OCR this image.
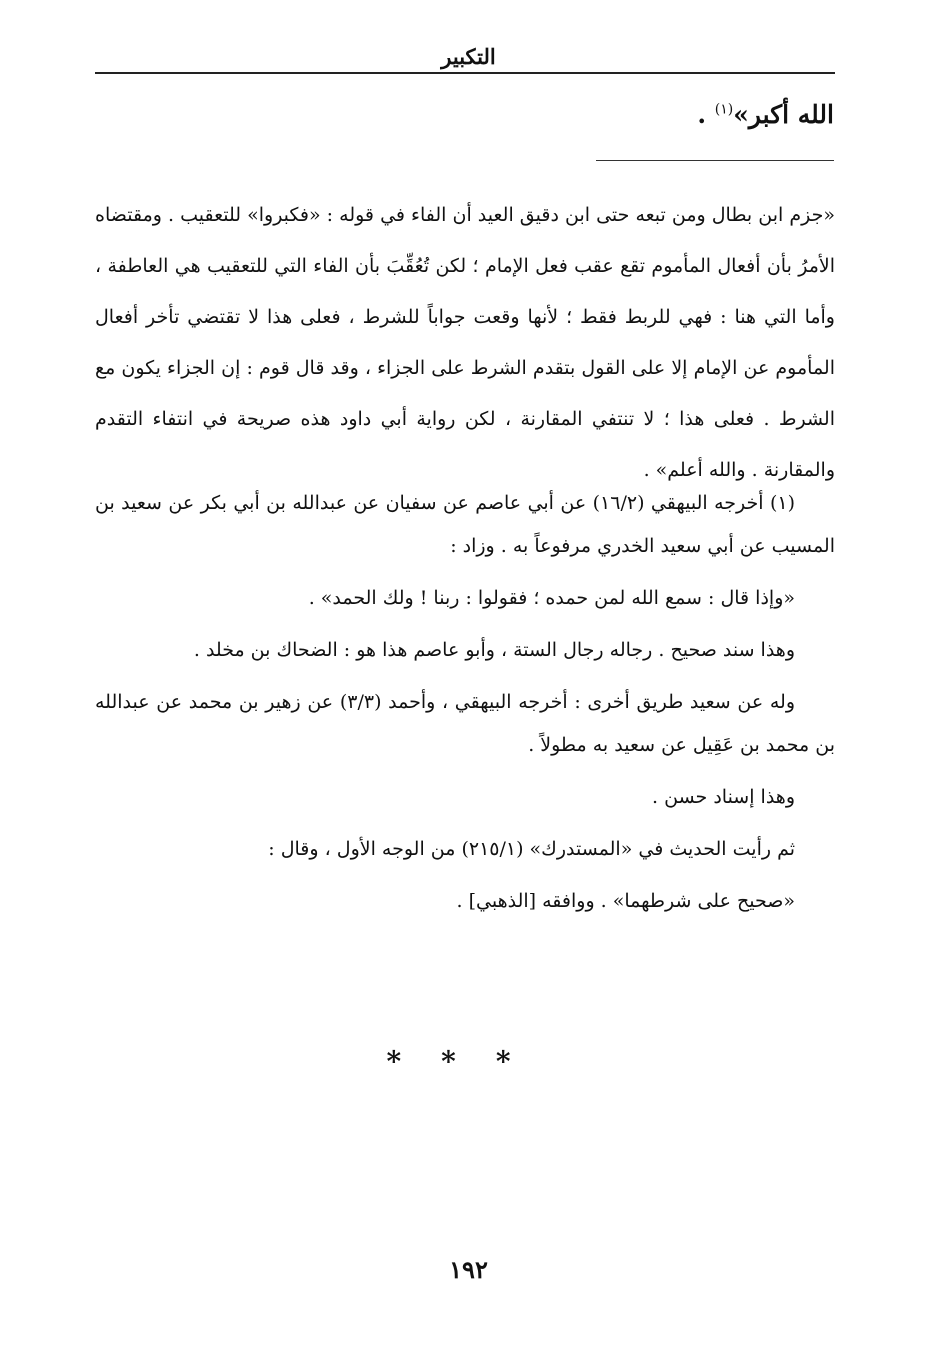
التكبير
الله أكبر»$^{(١)}$ .

«جزم ابن بطال ومن تبعه حتى ابن دقيق العيد أن الفاء في قوله : «فكبروا» للتعقيب . ومقتضاه الأمرُ بأن أفعال المأموم تقع عقب فعل الإمام ؛ لكن تُعُقِّبَ بأن الفاء التي للتعقيب هي العاطفة ، وأما التي هنا : فهي للربط فقط ؛ لأنها وقعت جواباً للشرط ، فعلى هذا لا تقتضي تأخر أفعال المأموم عن الإمام إلا على القول بتقدم الشرط على الجزاء ، وقد قال قوم : إن الجزاء يكون مع الشرط . فعلى هذا ؛ لا تنتفي المقارنة ، لكن رواية أبي داود هذه صريحة في انتفاء التقدم والمقارنة . والله أعلم» .

(١) أخرجه البيهقي (١٦/٢) عن أبي عاصم عن سفيان عن عبدالله بن أبي بكر عن سعيد بن المسيب عن أبي سعيد الخدري مرفوعاً به . وزاد :

«وإذا قال : سمع الله لمن حمده ؛ فقولوا : ربنا ! ولك الحمد» .

وهذا سند صحيح . رجاله رجال الستة ، وأبو عاصم هذا هو : الضحاك بن مخلد .

وله عن سعيد طريق أخرى : أخرجه البيهقي ، وأحمد (٣/٣) عن زهير بن محمد عن عبدالله بن محمد بن عَقِيل عن سعيد به مطولاً .

وهذا إسناد حسن .

ثم رأيت الحديث في «المستدرك» (٢١٥/١) من الوجه الأول ، وقال :

«صحيح على شرطهما» . ووافقه [الذهبي] .

***
١٩٢
